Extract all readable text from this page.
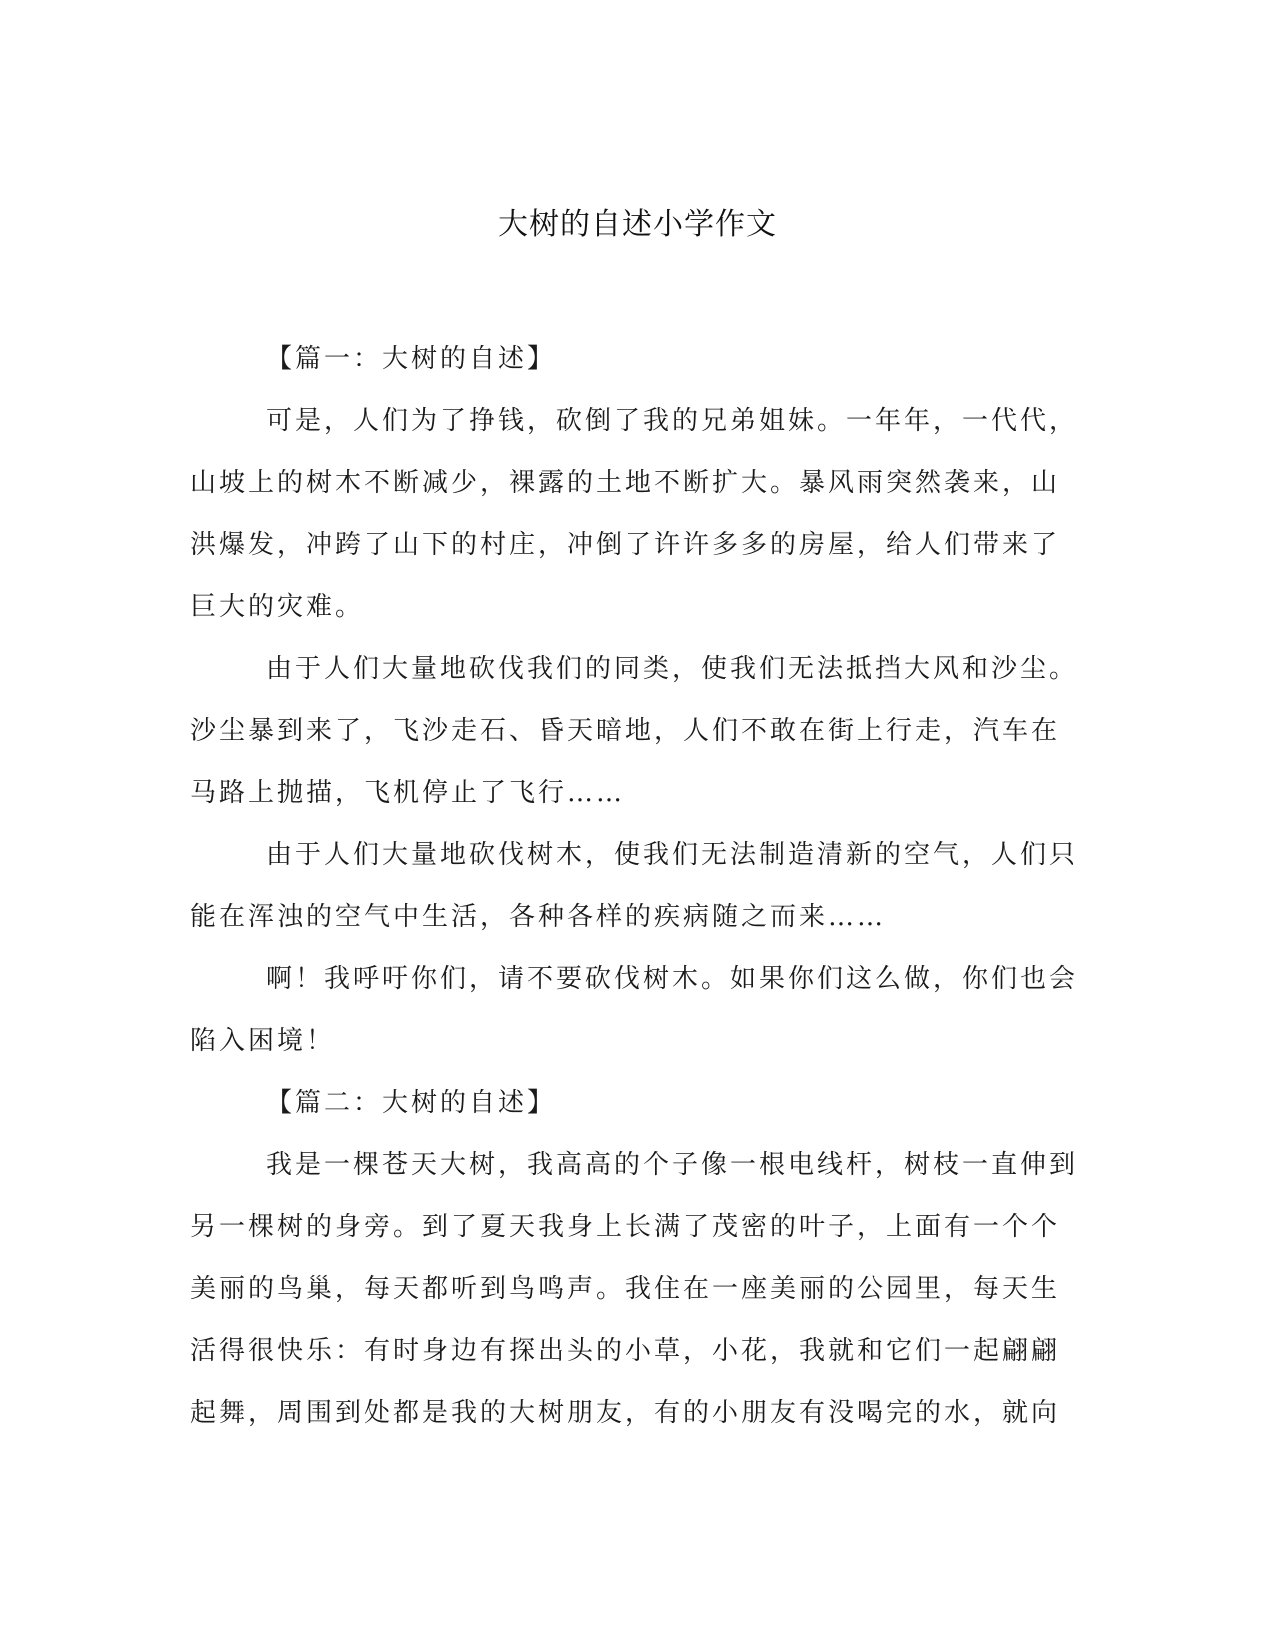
大树的自述小学作文

【篇一：大树的自述】

可是，人们为了挣钱，砍倒了我的兄弟姐妹。一年年，一代代，山坡上的树木不断减少，裸露的土地不断扩大。暴风雨突然袭来，山洪爆发，冲跨了山下的村庄，冲倒了许许多多的房屋，给人们带来了巨大的灾难。

由于人们大量地砍伐我们的同类，使我们无法抵挡大风和沙尘。沙尘暴到来了，飞沙走石、昏天暗地，人们不敢在街上行走，汽车在马路上抛描，飞机停止了飞行……

由于人们大量地砍伐树木，使我们无法制造清新的空气，人们只能在浑浊的空气中生活，各种各样的疾病随之而来……

啊！我呼吁你们，请不要砍伐树木。如果你们这么做，你们也会陷入困境！

【篇二：大树的自述】

我是一棵苍天大树，我高高的个子像一根电线杆，树枝一直伸到另一棵树的身旁。到了夏天我身上长满了茂密的叶子，上面有一个个美丽的鸟巢，每天都听到鸟鸣声。我住在一座美丽的公园里，每天生活得很快乐：有时身边有探出头的小草，小花，我就和它们一起翩翩起舞，周围到处都是我的大树朋友，有的小朋友有没喝完的水，就向
